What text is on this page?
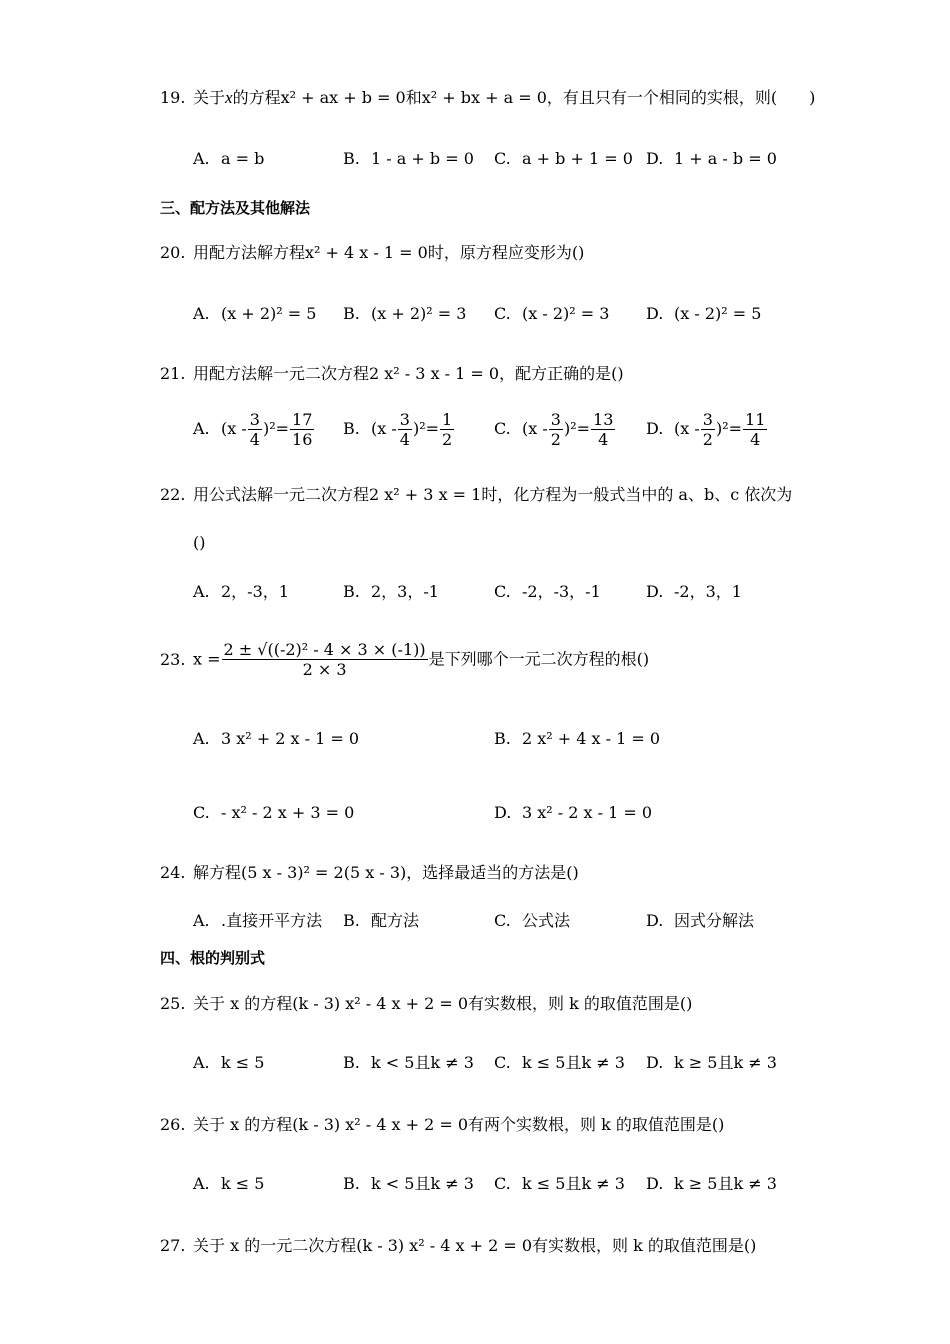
19. 关于x的方程x² + ax + b = 0和x² + bx + a = 0，有且只有一个相同的实根，则(　　)
A. a = b	B. 1 - a + b = 0 C. a + b + 1 = 0 D. 1 + a - b = 0
三、配方法及其他解法
20. 用配方法解方程x² + 4 x - 1 = 0时，原方程应变形为()
A. (x + 2)² = 5 B. (x + 2)² = 3 C. (x - 2)² = 3 D. (x - 2)² = 5
21. 用配方法解一元二次方程2 x² - 3 x - 1 = 0，配方正确的是()
A. $(x - \frac{3}{4} )^2= \frac{17}{16} B$. $(x - \frac{3}{4} )^2= \frac{1}{2} C$. $(x - \frac{3}{2} )^2= \frac{13}{4} D$. $(x - \frac{3}{2} )^2= \frac{11}{4}$
22. 用公式法解一元二次方程2 x² + 3 x = 1时，化方程为一般式当中的 a、b、c 依次为
()
A. 2，-3，1	B. 2，3，-1	C. -2，-3，-1	D. -2，3，1
23. $x = \frac{\text{2 ± √((-2)² - 4 × 3 × (-1))}}{2 \times 3}$ 是下列哪个一元二次方程的根()
A. 3 x² + 2 x - 1 = 0	B. 2 x² + 4 x - 1 = 0
C. - x² - 2 x + 3 = 0	D. 3 x² - 2 x - 1 = 0
24. 解方程(5 x - 3)² = 2(5 x - 3)，选择最适当的方法是()
A. .直接开平方法 B. 配方法	C. 公式法	D. 因式分解法
四、根的判别式
25. 关于 x 的方程(k - 3) x² - 4 x + 2 = 0有实数根，则 k 的取值范围是()
A. k ≤ 5	B. k < 5且k ≠ 3 C. k ≤ 5且k ≠ 3 D. k ≥ 5且k ≠ 3
26. 关于 x 的方程(k - 3) x² - 4 x + 2 = 0有两个实数根，则 k 的取值范围是()
A. k ≤ 5	B. k < 5且k ≠ 3 C. k ≤ 5且k ≠ 3 D. k ≥ 5且k ≠ 3
27. 关于 x 的一元二次方程(k - 3) x² - 4 x + 2 = 0有实数根，则 k 的取值范围是()
